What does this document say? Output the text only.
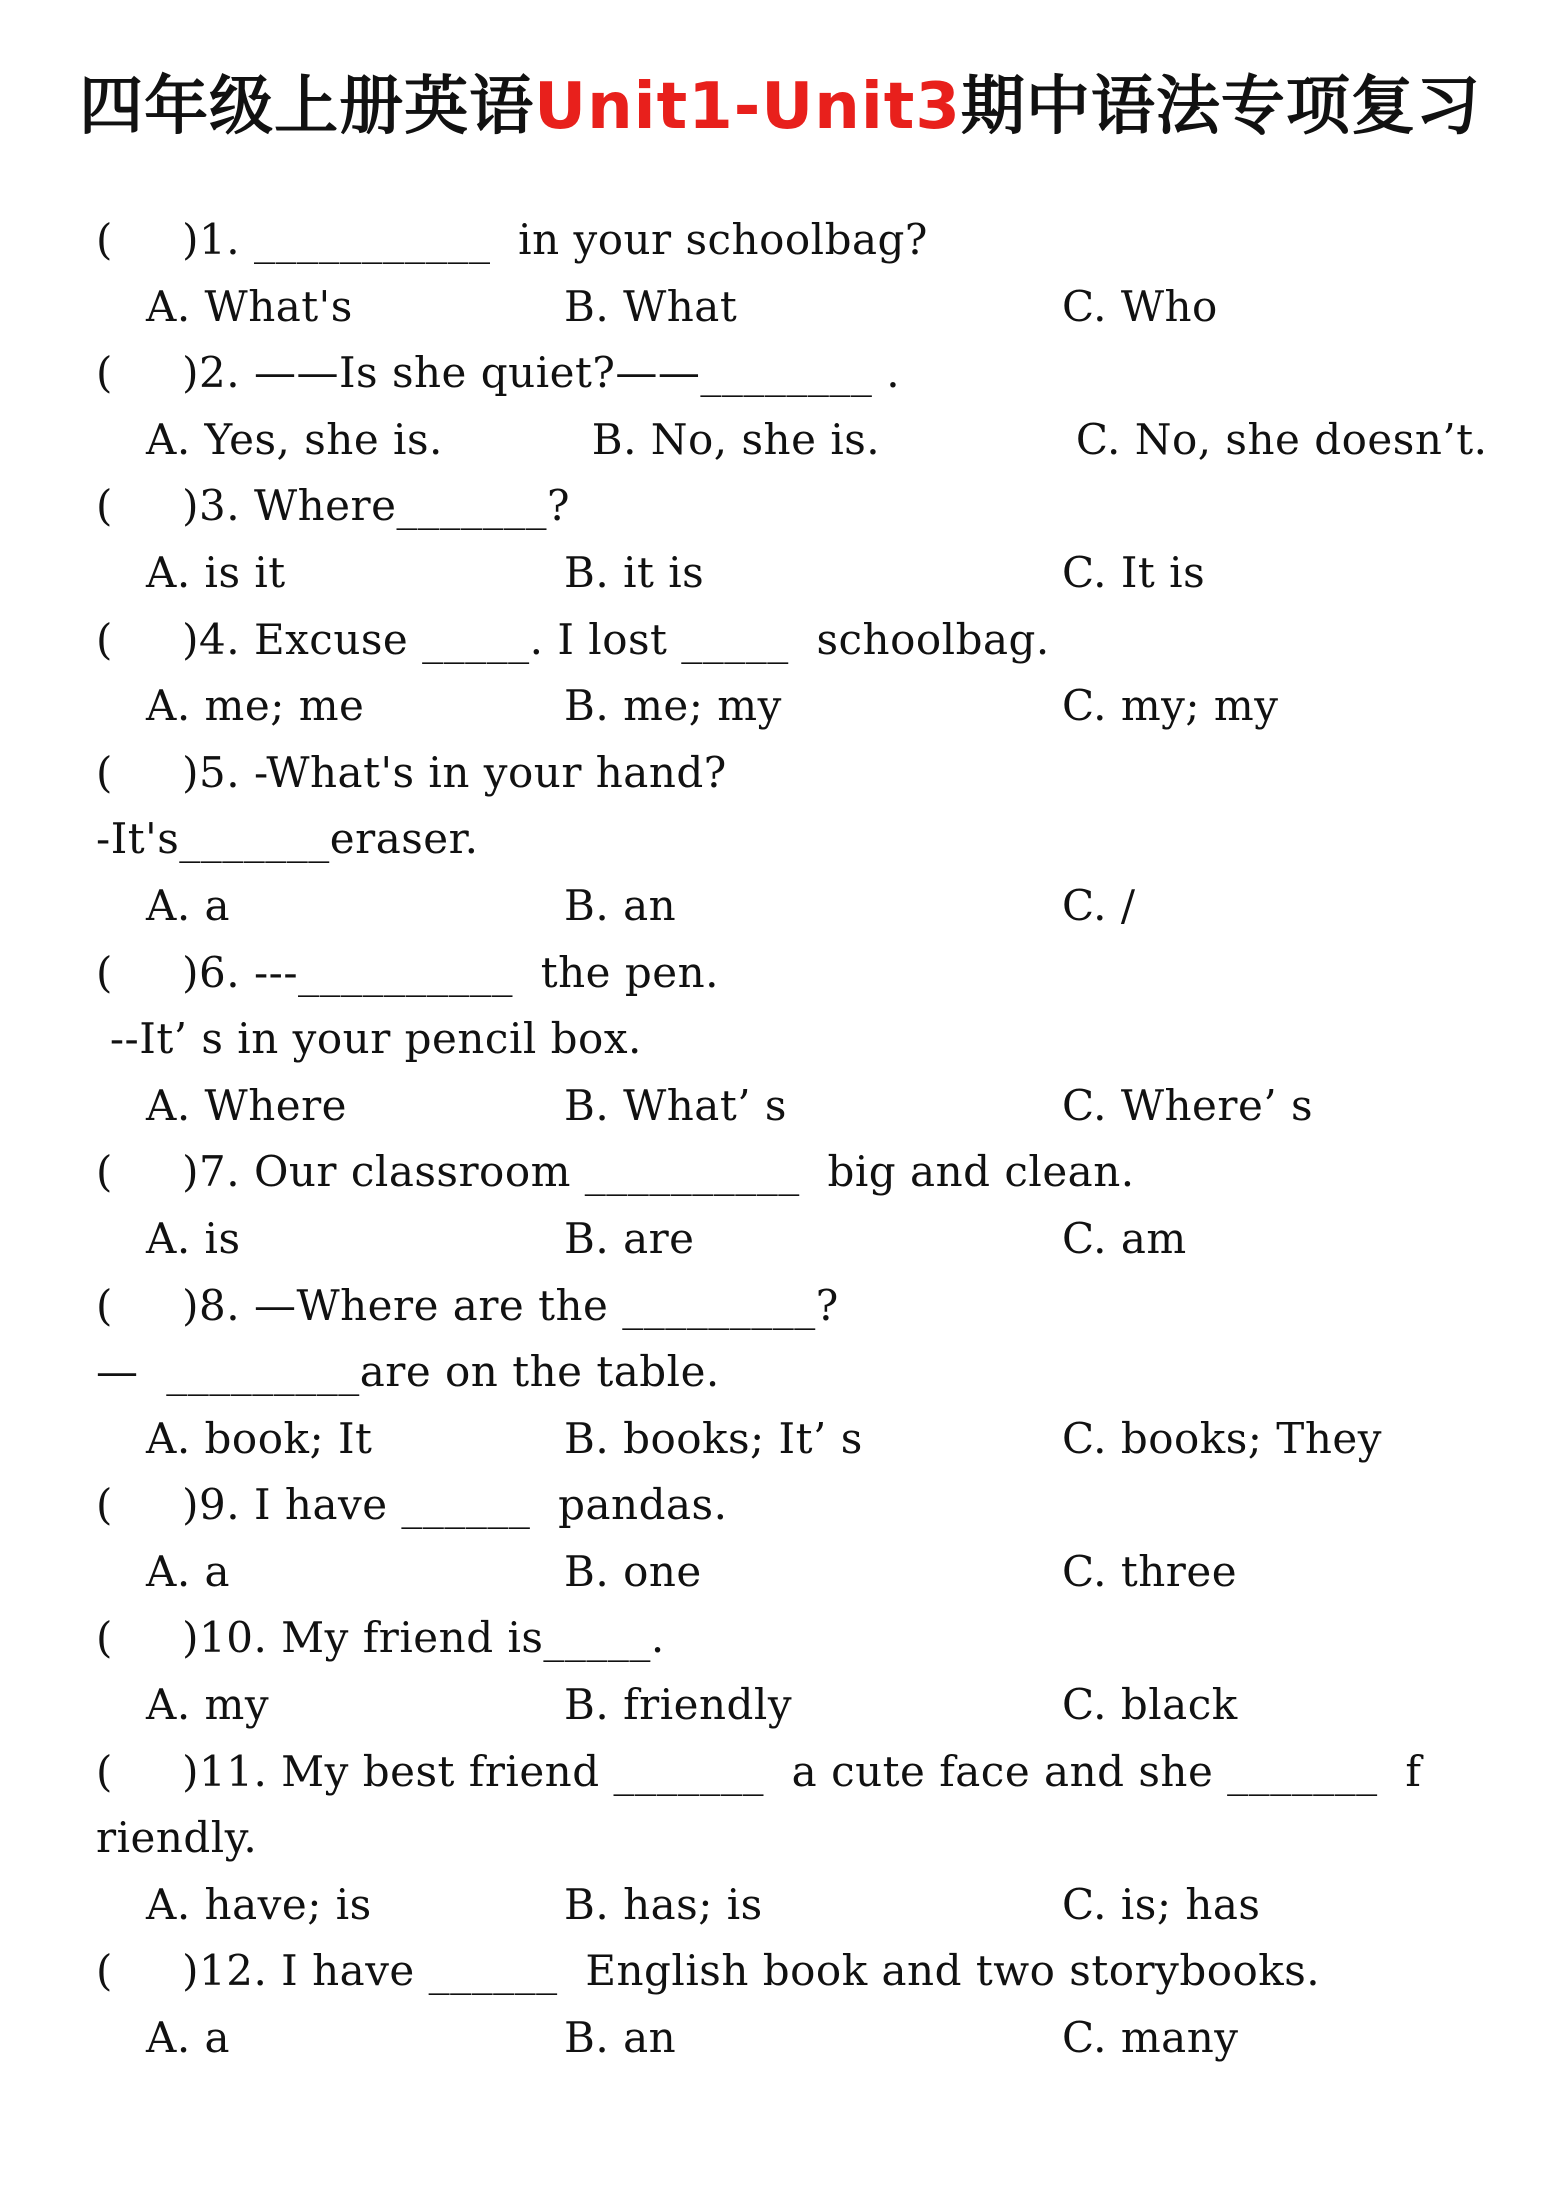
四年级上册英语Unit1-Unit3期中语法专项复习
(     )1. ___________  in your schoolbag?
A. What's	B. What	C. Who
(     )2. ——Is she quiet?——________ .
A. Yes, she is.	B. No, she is.	C. No, she doesn’t.
(     )3. Where_______?
A. is it	B. it is	C. It is
(     )4. Excuse _____. I lost _____  schoolbag.
A. me; me	B. me; my	C. my; my
(     )5. -What's in your hand?
-It's_______eraser.
A. a	B. an	C. /
(     )6. ---__________  the pen.
--It’ s in your pencil box.
A. Where	B. What’ s	C. Where’ s
(     )7. Our classroom __________  big and clean.
A. is	B. are	C. am
(     )8. —Where are the _________?
—  _________are on the table.
A. book; It	B. books; It’ s	C. books; They
(     )9. I have ______  pandas.
A. a	B. one	C. three
(     )10. My friend is_____.
A. my	B. friendly	C. black
(     )11. My best friend _______  a cute face and she _______  f
riendly.
A. have; is	B. has; is	C. is; has
(     )12. I have ______  English book and two storybooks.
A. a	B. an	C. many
